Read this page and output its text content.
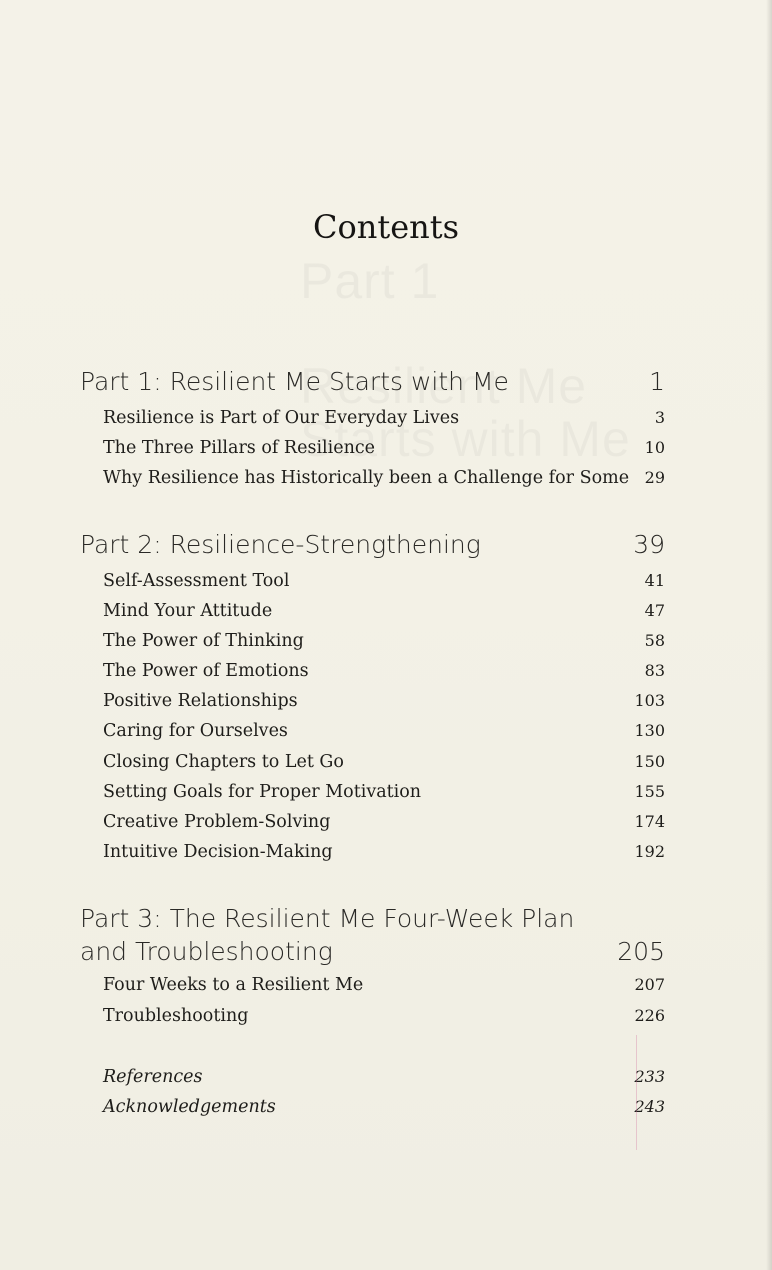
Contents
Part 1: Resilient Me Starts with Me	1
Resilience is Part of Our Everyday Lives	3
The Three Pillars of Resilience	10
Why Resilience has Historically been a Challenge for Some 29
Part 2: Resilience-Strengthening	39
Self-Assessment Tool	41
Mind Your Attitude	47
The Power of Thinking	58
The Power of Emotions	83
Positive Relationships	103
Caring for Ourselves	130
Closing Chapters to Let Go	150
Setting Goals for Proper Motivation	155
Creative Problem-Solving	174
Intuitive Decision-Making	192
Part 3: The Resilient Me Four-Week Plan
and Troubleshooting	205
Four Weeks to a Resilient Me	207
Troubleshooting	226
References	233
Acknowledgements	243
